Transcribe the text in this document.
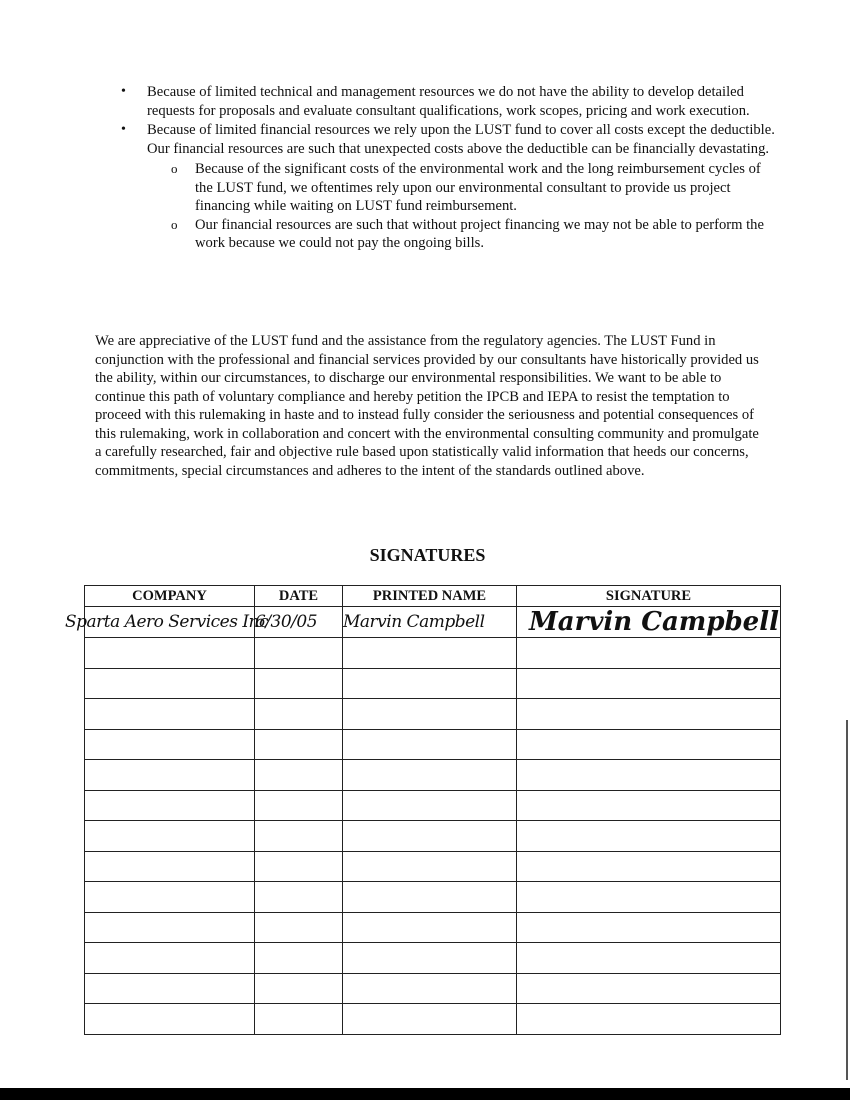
• Because of limited technical and management resources we do not have the ability to develop detailed requests for proposals and evaluate consultant qualifications, work scopes, pricing and work execution.
• Because of limited financial resources we rely upon the LUST fund to cover all costs except the deductible. Our financial resources are such that unexpected costs above the deductible can be financially devastating.
o Because of the significant costs of the environmental work and the long reimbursement cycles of the LUST fund, we oftentimes rely upon our environmental consultant to provide us project financing while waiting on LUST fund reimbursement.
o Our financial resources are such that without project financing we may not be able to perform the work because we could not pay the ongoing bills.

We are appreciative of the LUST fund and the assistance from the regulatory agencies. The LUST Fund in conjunction with the professional and financial services provided by our consultants have historically provided us the ability, within our circumstances, to discharge our environmental responsibilities. We want to be able to continue this path of voluntary compliance and hereby petition the IPCB and IEPA to resist the temptation to proceed with this rulemaking in haste and to instead fully consider the seriousness and potential consequences of this rulemaking, work in collaboration and concert with the environmental consulting community and promulgate a carefully researched, fair and objective rule based upon statistically valid information that heeds our concerns, commitments, special circumstances and adheres to the intent of the standards outlined above.

SIGNATURES
COMPANY	DATE	PRINTED NAME	SIGNATURE
Sparta Aero Services Inc	6/30/05	Marvin Campbell	Marvin Campbell
